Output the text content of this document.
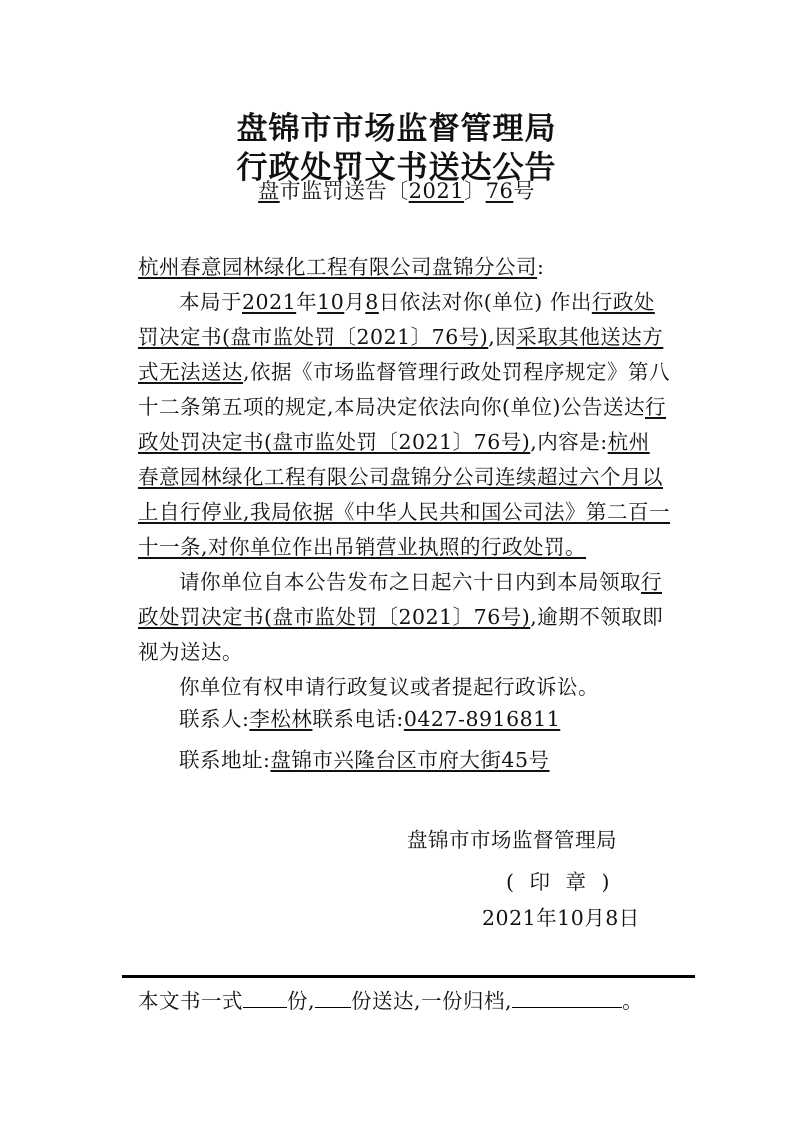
盘锦市市场监督管理局
行政处罚文书送达公告
盘市监罚送告〔2021〕76号
杭州春意园林绿化工程有限公司盘锦分公司:
本局于2021年10月8日依法对你(单位) 作出行政处罚决定书(盘市监处罚〔2021〕76号),因采取其他送达方式无法送达,依据《市场监督管理行政处罚程序规定》第八十二条第五项的规定,本局决定依法向你(单位)公告送达行政处罚决定书(盘市监处罚〔2021〕76号),内容是:杭州春意园林绿化工程有限公司盘锦分公司连续超过六个月以上自行停业,我局依据《中华人民共和国公司法》第二百一十一条,对你单位作出吊销营业执照的行政处罚。
请你单位自本公告发布之日起六十日内到本局领取行政处罚决定书(盘市监处罚〔2021〕76号),逾期不领取即视为送达。
你单位有权申请行政复议或者提起行政诉讼。
联系人:李松林联系电话:0427-8916811
联系地址:盘锦市兴隆台区市府大街45号
盘锦市市场监督管理局
( 印 章 )
2021年10月8日
本文书一式 份, 份送达,一份归档,	。
